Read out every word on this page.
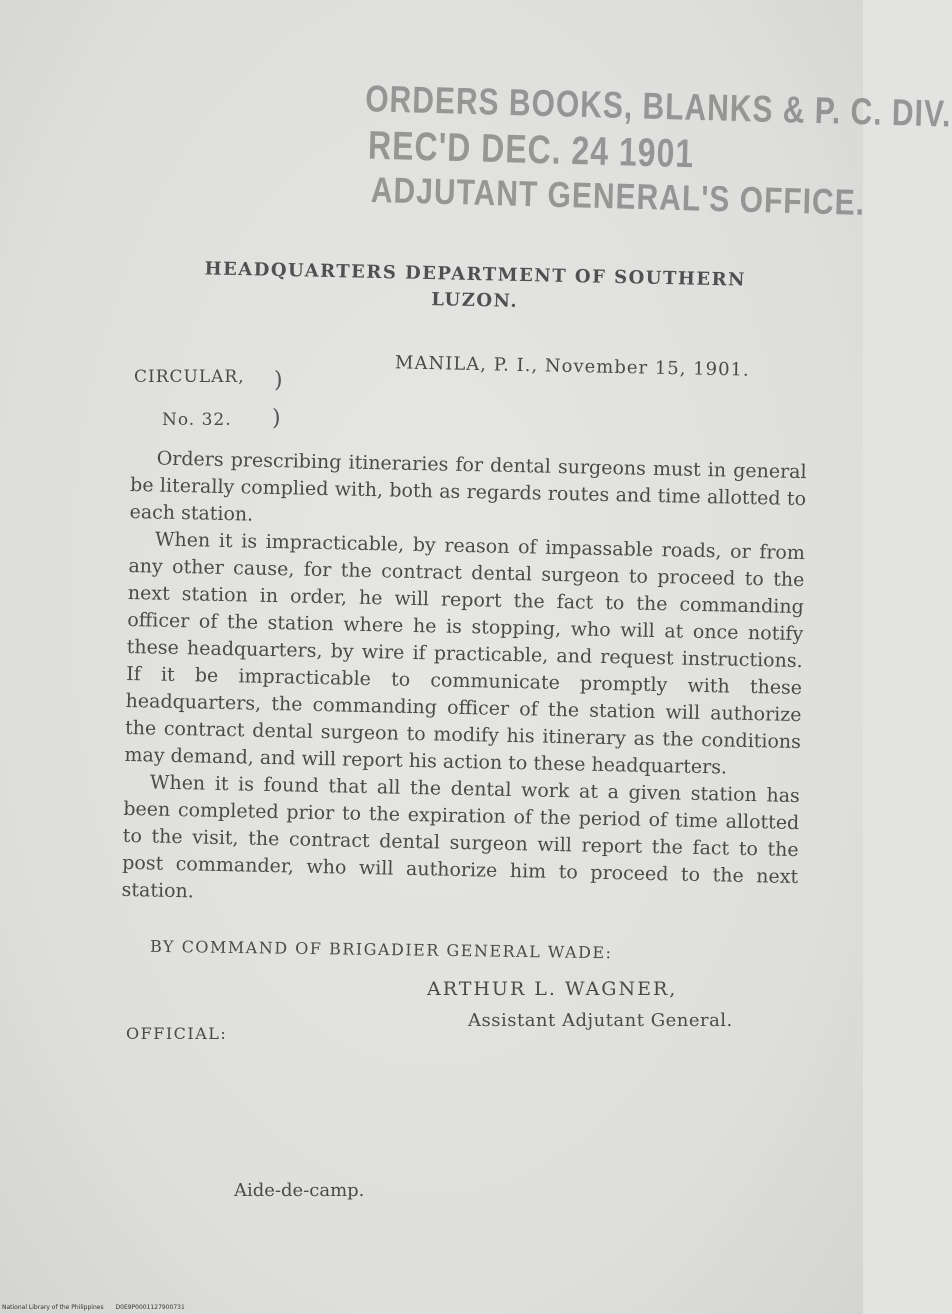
ORDERS BOOKS, BLANKS & P. C. DIV.
REC'D DEC. 24 1901
ADJUTANT GENERAL'S OFFICE.
HEADQUARTERS DEPARTMENT OF SOUTHERN
LUZON.
MANILA, P. I., November 15, 1901.
CIRCULAR, )
No. 32. )

Orders prescribing itineraries for dental surgeons must in general be literally complied with, both as regards routes and time allotted to each station.

When it is impracticable, by reason of impassable roads, or from any other cause, for the contract dental surgeon to proceed to the next station in order, he will report the fact to the commanding officer of the station where he is stopping, who will at once notify these headquarters, by wire if practicable, and request instructions. If it be impracticable to communicate promptly with these headquarters, the commanding officer of the station will authorize the contract dental surgeon to modify his itinerary as the conditions may demand, and will report his action to these headquarters.

When it is found that all the dental work at a given station has been completed prior to the expiration of the period of time allotted to the visit, the contract dental surgeon will report the fact to the post commander, who will authorize him to proceed to the next station.

BY COMMAND OF BRIGADIER GENERAL WADE:
ARTHUR L. WAGNER,
Assistant Adjutant General.
OFFICIAL:
Aide-de-camp.
National Library of the Philippines D0E9P0001127900731
